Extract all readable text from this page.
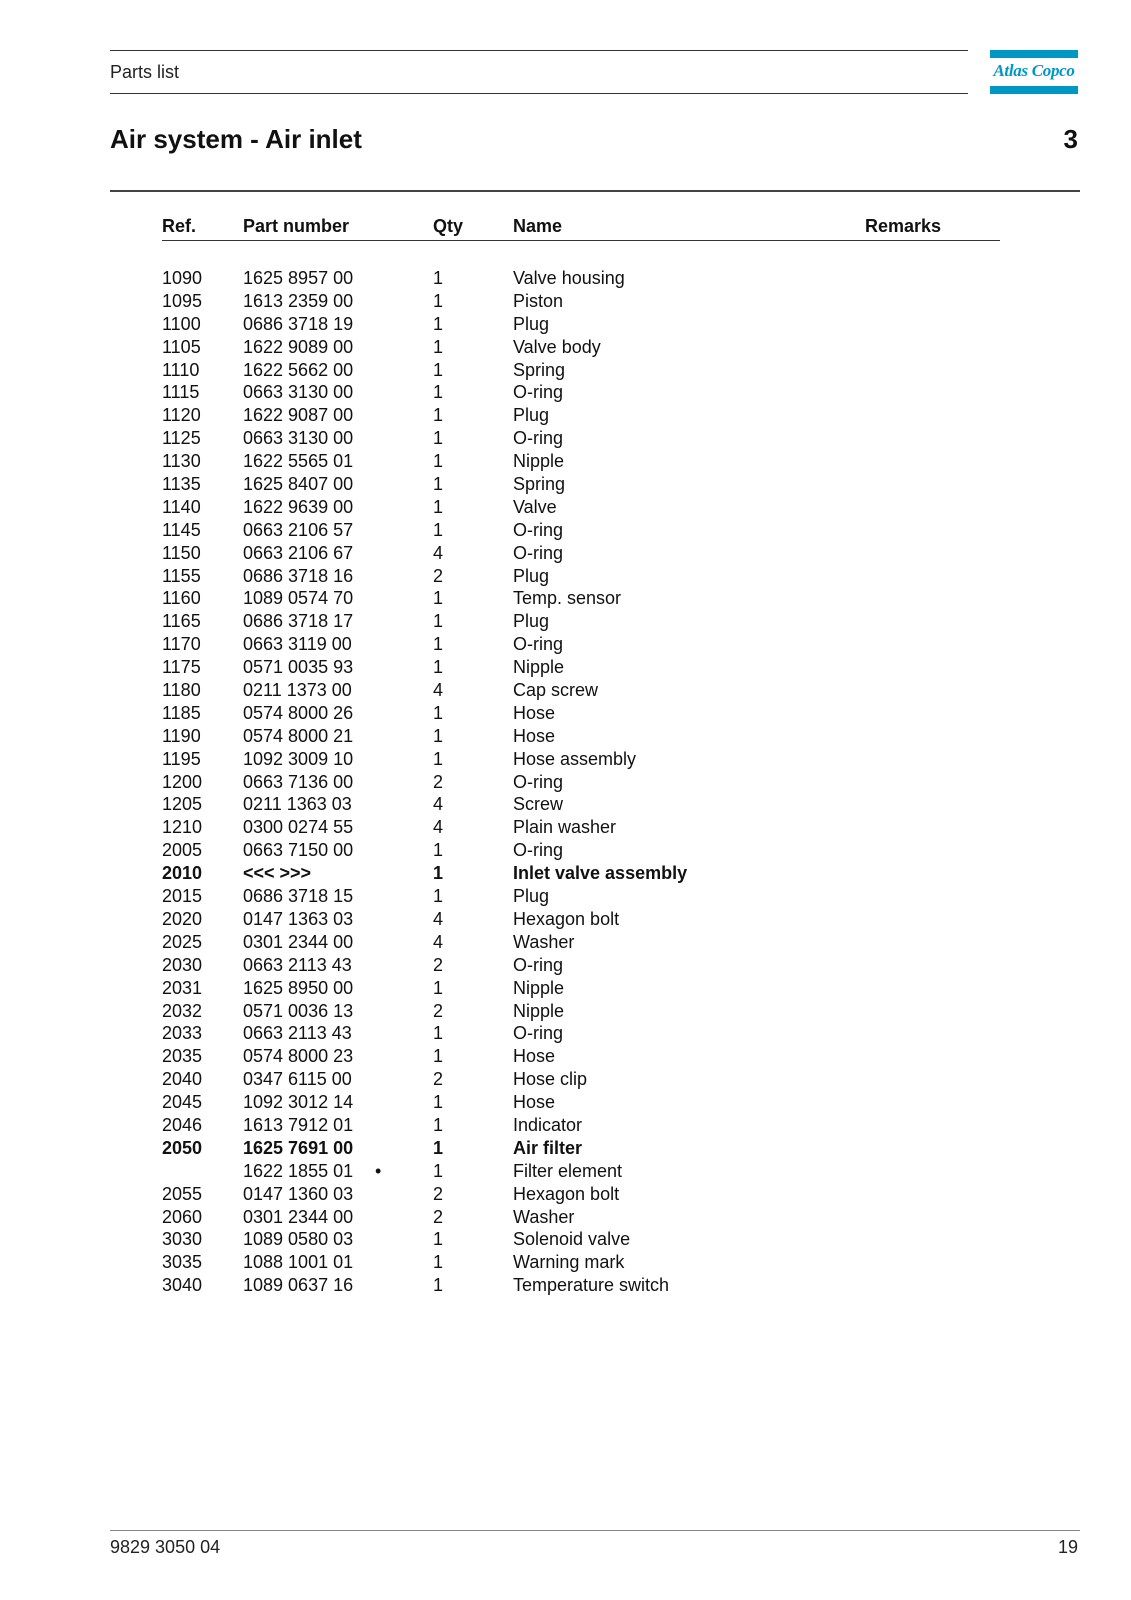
Parts list	Atlas Copco
Air system - Air inlet	3
Ref.	Part number	Qty	Name	Remarks
1090 1625 8957 00	1	Valve housing
1095 1613 2359 00	1	Piston
1100 0686 3718 19	1	Plug
1105 1622 9089 00	1	Valve body
1110 1622 5662 00	1	Spring
1115 0663 3130 00	1	O-ring
1120 1622 9087 00	1	Plug
1125 0663 3130 00	1	O-ring
1130 1622 5565 01	1	Nipple
1135 1625 8407 00	1	Spring
1140 1622 9639 00	1	Valve
1145 0663 2106 57	1	O-ring
1150 0663 2106 67	4	O-ring
1155 0686 3718 16	2	Plug
1160 1089 0574 70	1	Temp. sensor
1165 0686 3718 17	1	Plug
1170 0663 3119 00	1	O-ring
1175 0571 0035 93	1	Nipple
1180 0211 1373 00	4	Cap screw
1185 0574 8000 26	1	Hose
1190 0574 8000 21	1	Hose
1195 1092 3009 10	1	Hose assembly
1200 0663 7136 00	2	O-ring
1205 0211 1363 03	4	Screw
1210 0300 0274 55	4	Plain washer
2005 0663 7150 00	1	O-ring
2010 <<< >>>	1	Inlet valve assembly
2015 0686 3718 15	1	Plug
2020 0147 1363 03	4	Hexagon bolt
2025 0301 2344 00	4	Washer
2030 0663 2113 43	2	O-ring
2031 1625 8950 00	1	Nipple
2032 0571 0036 13	2	Nipple
2033 0663 2113 43	1	O-ring
2035 0574 8000 23	1	Hose
2040 0347 6115 00	2	Hose clip
2045 1092 3012 14	1	Hose
2046 1613 7912 01	1	Indicator
2050 1625 7691 00	1	Air filter
1622 1855 01 •	1	Filter element
2055 0147 1360 03	2	Hexagon bolt
2060 0301 2344 00	2	Washer
3030 1089 0580 03	1	Solenoid valve
3035 1088 1001 01	1	Warning mark
3040 1089 0637 16	1	Temperature switch
9829 3050 04	19
